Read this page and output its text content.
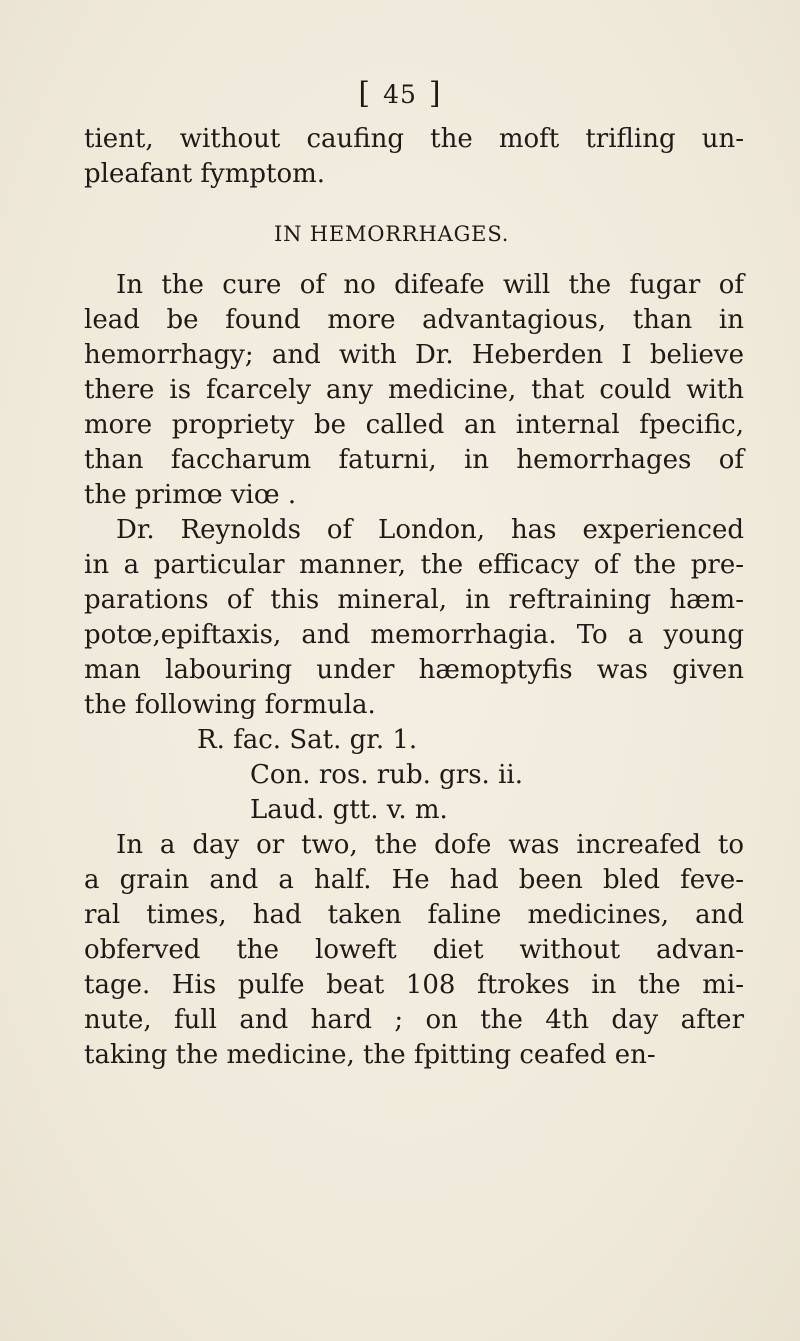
[ 45 ]
tient, without caufing the moft trifling un-
pleafant fymptom.
IN HEMORRHAGES.
In the cure of no difeafe will the fugar of
lead be found more advantagious, than in
hemorrhagy; and with Dr. Heberden I believe
there is fcarcely any medicine, that could with
more propriety be called an internal fpecific,
than faccharum faturni, in hemorrhages of
the primœ viœ .
Dr. Reynolds of London, has experienced
in a particular manner, the efficacy of the pre-
parations of this mineral, in reftraining hæm-
potœ,epiftaxis, and memorrhagia. To a young
man labouring under hæmoptyfis was given
the following formula.
R. fac. Sat. gr. 1.
Con. ros. rub. grs. ii.
Laud. gtt. v. m.
In a day or two, the dofe was increafed to
a grain and a half. He had been bled feve-
ral times, had taken faline medicines, and
obferved the loweft diet without advan-
tage. His pulfe beat 108 ftrokes in the mi-
nute, full and hard ; on the 4th day after
taking the medicine, the fpitting ceafed en-
